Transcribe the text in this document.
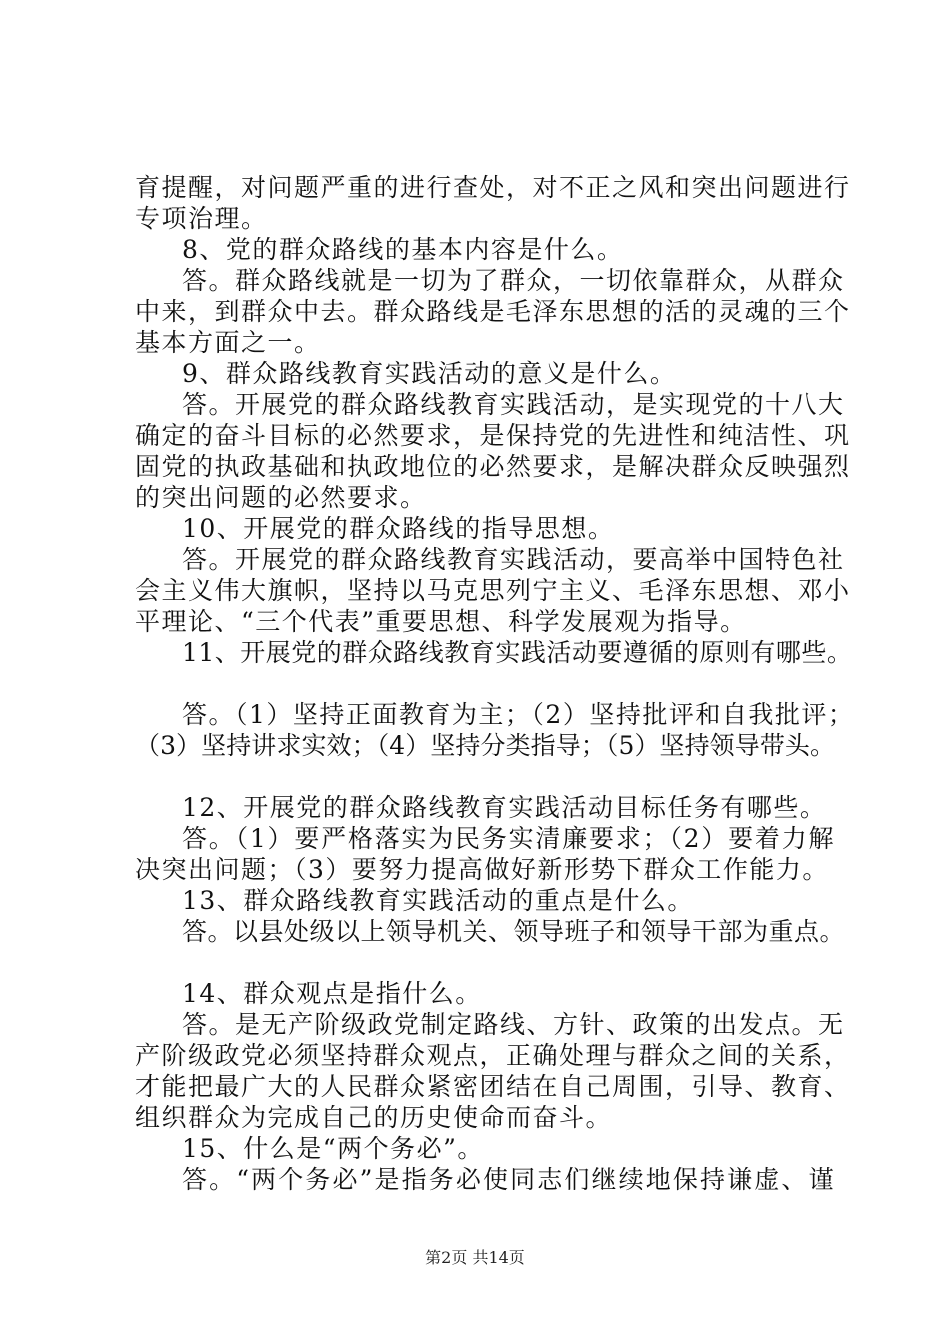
育提醒，对问题严重的进行查处，对不正之风和突出问题进行
专项治理。
8、党的群众路线的基本内容是什么。
答。群众路线就是一切为了群众，一切依靠群众，从群众
中来，到群众中去。群众路线是毛泽东思想的活的灵魂的三个
基本方面之一。
9、群众路线教育实践活动的意义是什么。
答。开展党的群众路线教育实践活动，是实现党的十八大
确定的奋斗目标的必然要求，是保持党的先进性和纯洁性、巩
固党的执政基础和执政地位的必然要求，是解决群众反映强烈
的突出问题的必然要求。
10、开展党的群众路线的指导思想。
答。开展党的群众路线教育实践活动，要高举中国特色社
会主义伟大旗帜，坚持以马克思列宁主义、毛泽东思想、邓小
平理论、“三个代表”重要思想、科学发展观为指导。
11、开展党的群众路线教育实践活动要遵循的原则有哪些。
答。（1）坚持正面教育为主；（2）坚持批评和自我批评；
（3）坚持讲求实效；（4）坚持分类指导；（5）坚持领导带头。
12、开展党的群众路线教育实践活动目标任务有哪些。
答。（1）要严格落实为民务实清廉要求；（2）要着力解
决突出问题；（3）要努力提高做好新形势下群众工作能力。
13、群众路线教育实践活动的重点是什么。
答。以县处级以上领导机关、领导班子和领导干部为重点。
14、群众观点是指什么。
答。是无产阶级政党制定路线、方针、政策的出发点。无
产阶级政党必须坚持群众观点，正确处理与群众之间的关系，
才能把最广大的人民群众紧密团结在自己周围，引导、教育、
组织群众为完成自己的历史使命而奋斗。
15、什么是“两个务必”。
答。“两个务必”是指务必使同志们继续地保持谦虚、谨
第2页 共14页
